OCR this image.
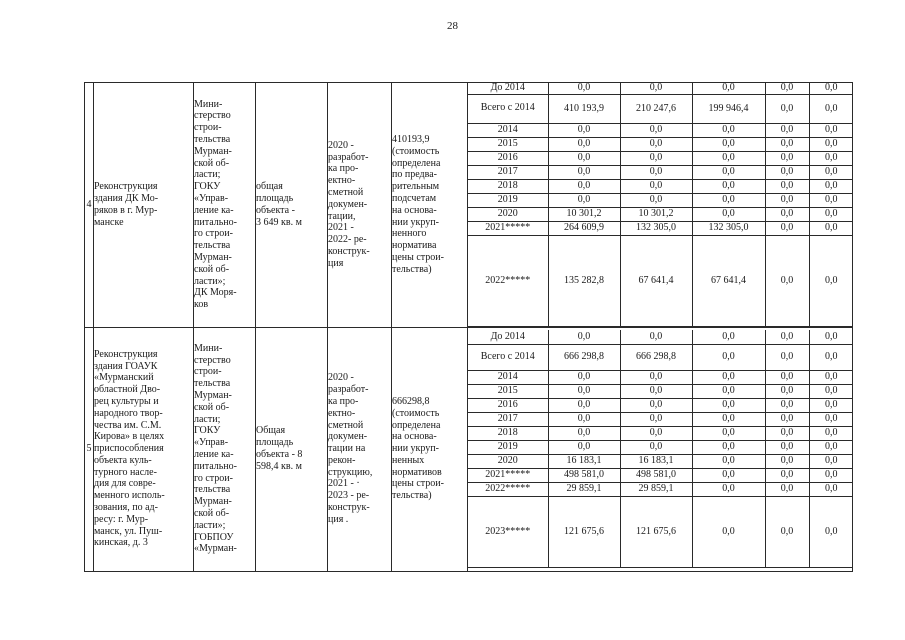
28
4	Реконструкция
здания ДК Мо-
ряков в г. Мур-
манске	Мини-
стерство
строи-
тельства
Мурман-
ской об-
ласти;
ГОКУ
«Управ-
ление ка-
питально-
го строи-
тельства
Мурман-
ской об-
ласти»;
ДК Моря-
ков	общая
площадь
объекта -
3 649 кв. м	2020 -
разработ-
ка про-
ектно-
сметной
докумен-
тации,
2021 -
2022- ре-
конструк-
ция	410193,9
(стоимость
определена
по предва-
рительным
подсчетам
на основа-
нии укруп-
ненного
норматива
цены строи-
тельства)	
До 2014	0,0	0,0	0,0	0,0	0,0
Всего с 2014	410 193,9	210 247,6	199 946,4	0,0	0,0
2014	0,0	0,0	0,0	0,0	0,0
2015	0,0	0,0	0,0	0,0	0,0
2016	0,0	0,0	0,0	0,0	0,0
2017	0,0	0,0	0,0	0,0	0,0
2018	0,0	0,0	0,0	0,0	0,0
2019	0,0	0,0	0,0	0,0	0,0
2020	10 301,2	10 301,2	0,0	0,0	0,0
2021*****	264 609,9	132 305,0	132 305,0	0,0	0,0
2022*****	135 282,8	67 641,4	67 641,4	0,0	0,0

5	Реконструкция
здания ГОАУК
«Мурманский
областной Дво-
рец культуры и
народного твор-
чества им. С.М.
Кирова» в целях
приспособления
объекта куль-
турного насле-
дия для совре-
менного исполь-
зования, по ад-
ресу: г. Мур-
манск, ул. Пуш-
кинская, д. 3	Мини-
стерство
строи-
тельства
Мурман-
ской об-
ласти;
ГОКУ
«Управ-
ление ка-
питально-
го строи-
тельства
Мурман-
ской об-
ласти»;
ГОБПОУ
«Мурман-	Общая
площадь
объекта - 8
598,4 кв. м	2020 -
разработ-
ка про-
ектно-
сметной
докумен-
тации на
рекон-
струкцию,
2021 - ·
2023 - ре-
конструк-
ция .	666298,8
(стоимость
определена
на основа-
нии укруп-
ненных
нормативов
цены строи-
тельства)	
До 2014	0,0	0,0	0,0	0,0	0,0
Всего с 2014	666 298,8	666 298,8	0,0	0,0	0,0
2014	0,0	0,0	0,0	0,0	0,0
2015	0,0	0,0	0,0	0,0	0,0
2016	0,0	0,0	0,0	0,0	0,0
2017	0,0	0,0	0,0	0,0	0,0
2018	0,0	0,0	0,0	0,0	0,0
2019	0,0	0,0	0,0	0,0	0,0
2020	16 183,1	16 183,1	0,0	0,0	0,0
2021*****	498 581,0	498 581,0	0,0	0,0	0,0
2022*****	29 859,1	29 859,1	0,0	0,0	0,0
2023*****	121 675,6	121 675,6	0,0	0,0	0,0
